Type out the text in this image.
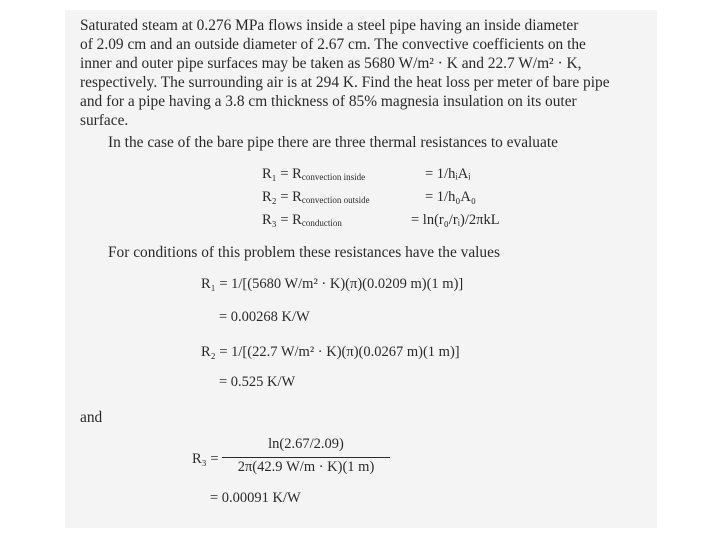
Saturated steam at 0.276 MPa flows inside a steel pipe having an inside diameter
of 2.09 cm and an outside diameter of 2.67 cm. The convective coefficients on the
inner and outer pipe surfaces may be taken as 5680 W/m² · K and 22.7 W/m² · K,
respectively. The surrounding air is at 294 K. Find the heat loss per meter of bare pipe
and for a pipe having a 3.8 cm thickness of 85% magnesia insulation on its outer
surface.
In the case of the bare pipe there are three thermal resistances to evaluate
$R_1 = R_{convection inside}$	= 1/hᵢAᵢ
$R_2 = R_{convection outside}$	= 1/h₀A₀
$R_3 = R_{conduction}$	= ln(r₀/rᵢ)/2πkL
For conditions of this problem these resistances have the values
R₁ = 1/[(5680 W/m² · K)(π)(0.0209 m)(1 m)]
= 0.00268 K/W
R₂ = 1/[(22.7 W/m² · K)(π)(0.0267 m)(1 m)]
= 0.525 K/W
and
R₃ =
ln(2.67/2.09)
2π(42.9 W/m · K)(1 m)
= 0.00091 K/W
